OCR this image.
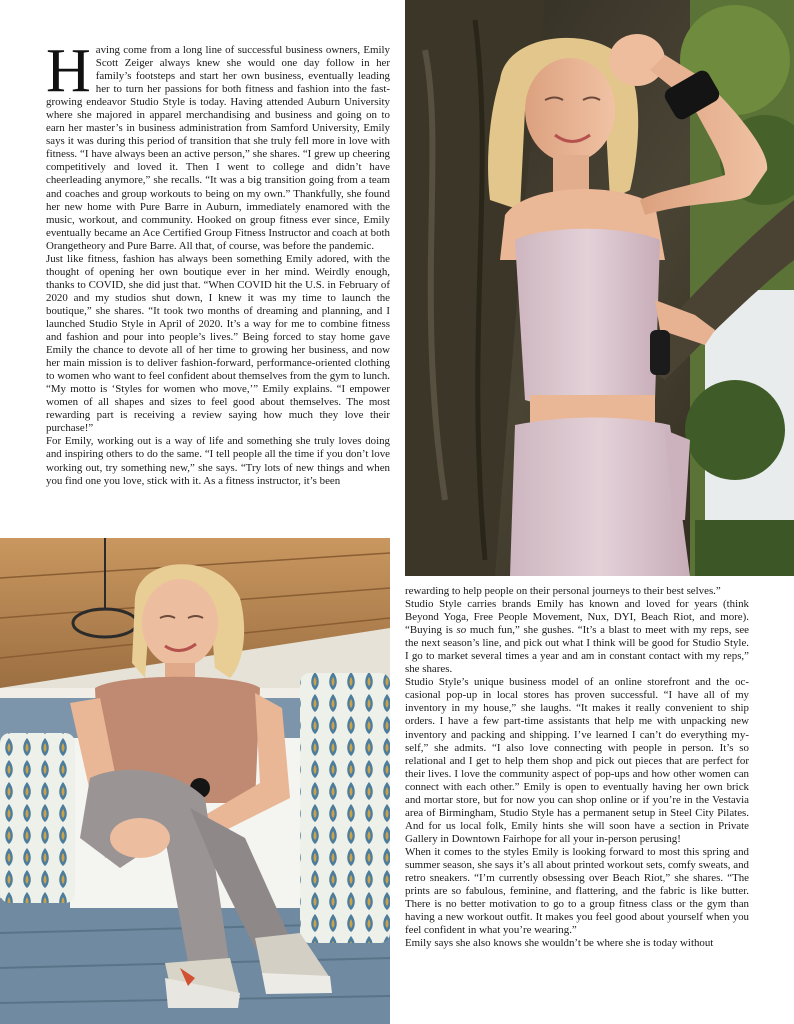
Having come from a long line of successful business owners, Emily Scott Zeiger always knew she would one day follow in her family’s footsteps and start her own business, eventually leading her to turn her passions for both fitness and fashion into the fast-growing endeavor Studio Style is today. Having attended Auburn University where she majored in apparel merchandising and business and going on to earn her master’s in business administration from Samford University, Emily says it was during this period of transition that she truly fell more in love with fitness. “I have always been an active person,” she shares. “I grew up cheering competitively and loved it. Then I went to college and didn’t have cheerleading anymore,” she recalls. “It was a big transition going from a team and coaches and group workouts to being on my own.” Thankfully, she found her new home with Pure Barre in Auburn, immediately enamored with the music, workout, and community. Hooked on group fitness ever since, Emily eventually became an Ace Certified Group Fitness Instructor and coach at both Orangetheory and Pure Barre. All that, of course, was before the pandemic.

Just like fitness, fashion has always been something Emily adored, with the thought of opening her own boutique ever in her mind. Weirdly enough, thanks to COVID, she did just that. “When COVID hit the U.S. in February of 2020 and my studios shut down, I knew it was my time to launch the boutique,” she shares. “It took two months of dreaming and planning, and I launched Studio Style in April of 2020. It’s a way for me to combine fitness and fashion and pour into people’s lives.” Being forced to stay home gave Emily the chance to devote all of her time to growing her business, and now her main mission is to deliver fashion-forward, performance-oriented clothing to women who want to feel confident about themselves from the gym to lunch. “My motto is ‘Styles for women who move,’” Emily explains. “I empower women of all shapes and sizes to feel good about themselves. The most rewarding part is receiving a review saying how much they love their purchase!”

For Emily, working out is a way of life and something she truly loves doing and inspiring others to do the same. “I tell people all the time if you don’t love working out, try something new,” she says. “Try lots of new things and when you find one you love, stick with it. As a fitness instructor, it’s been

rewarding to help people on their personal journeys to their best selves.”

Studio Style carries brands Emily has known and loved for years (think Beyond Yoga, Free People Movement, Nux, DYI, Beach Riot, and more). “Buying is so much fun,” she gushes. “It’s a blast to meet with my reps, see the next season’s line, and pick out what I think will be good for Studio Style. I go to market several times a year and am in constant contact with my reps,” she shares.

Studio Style’s unique business model of an online storefront and the occasional pop-up in local stores has proven successful. “I have all of my inventory in my house,” she laughs. “It makes it really convenient to ship orders. I have a few part-time assistants that help me with unpacking new inventory and packing and shipping. I’ve learned I can’t do everything myself,” she admits. “I also love connecting with people in person. It’s so relational and I get to help them shop and pick out pieces that are perfect for their lives. I love the community aspect of pop-ups and how other women can connect with each other.” Emily is open to eventually having her own brick and mortar store, but for now you can shop online or if you’re in the Vestavia area of Birmingham, Studio Style has a permanent setup in Steel City Pilates. And for us local folk, Emily hints she will soon have a section in Private Gallery in Downtown Fairhope for all your in-person perusing!

When it comes to the styles Emily is looking forward to most this spring and summer season, she says it’s all about printed workout sets, comfy sweats, and retro sneakers. “I’m currently obsessing over Beach Riot,” she shares. “The prints are so fabulous, feminine, and flattering, and the fabric is like butter. There is no better motivation to go to a group fitness class or the gym than having a new workout outfit. It makes you feel good about yourself when you feel confident in what you’re wearing.”

Emily says she also knows she wouldn’t be where she is today without
